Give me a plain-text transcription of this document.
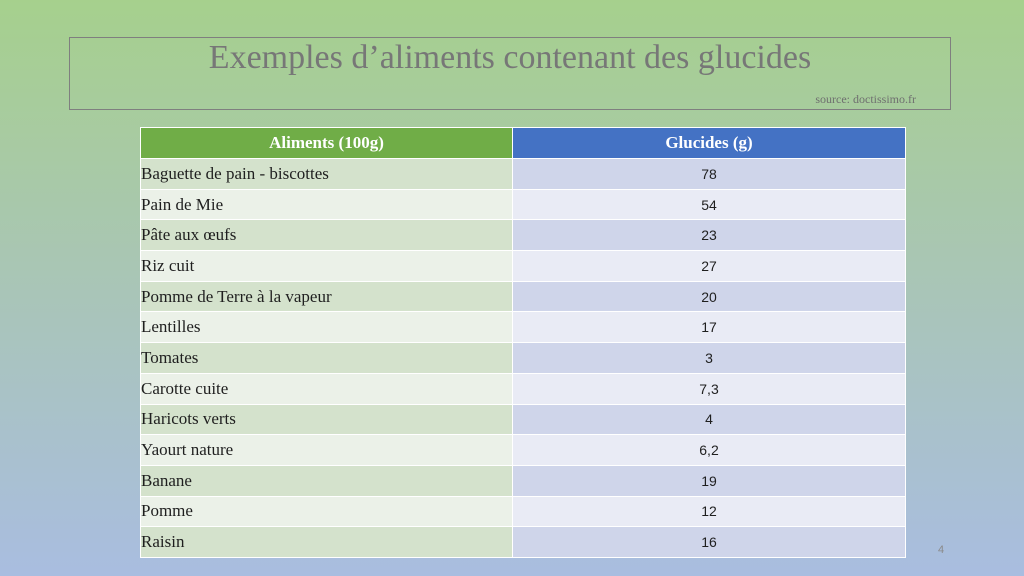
Exemples d’aliments contenant des glucides
source: doctissimo.fr
Aliments (100g)	Glucides (g)
Baguette de pain - biscottes	78
Pain de Mie	54
Pâte aux œufs	23
Riz cuit	27
Pomme de Terre à la vapeur	20
Lentilles	17
Tomates	3
Carotte cuite	7,3
Haricots verts	4
Yaourt nature	6,2
Banane	19
Pomme	12
Raisin	16	4
